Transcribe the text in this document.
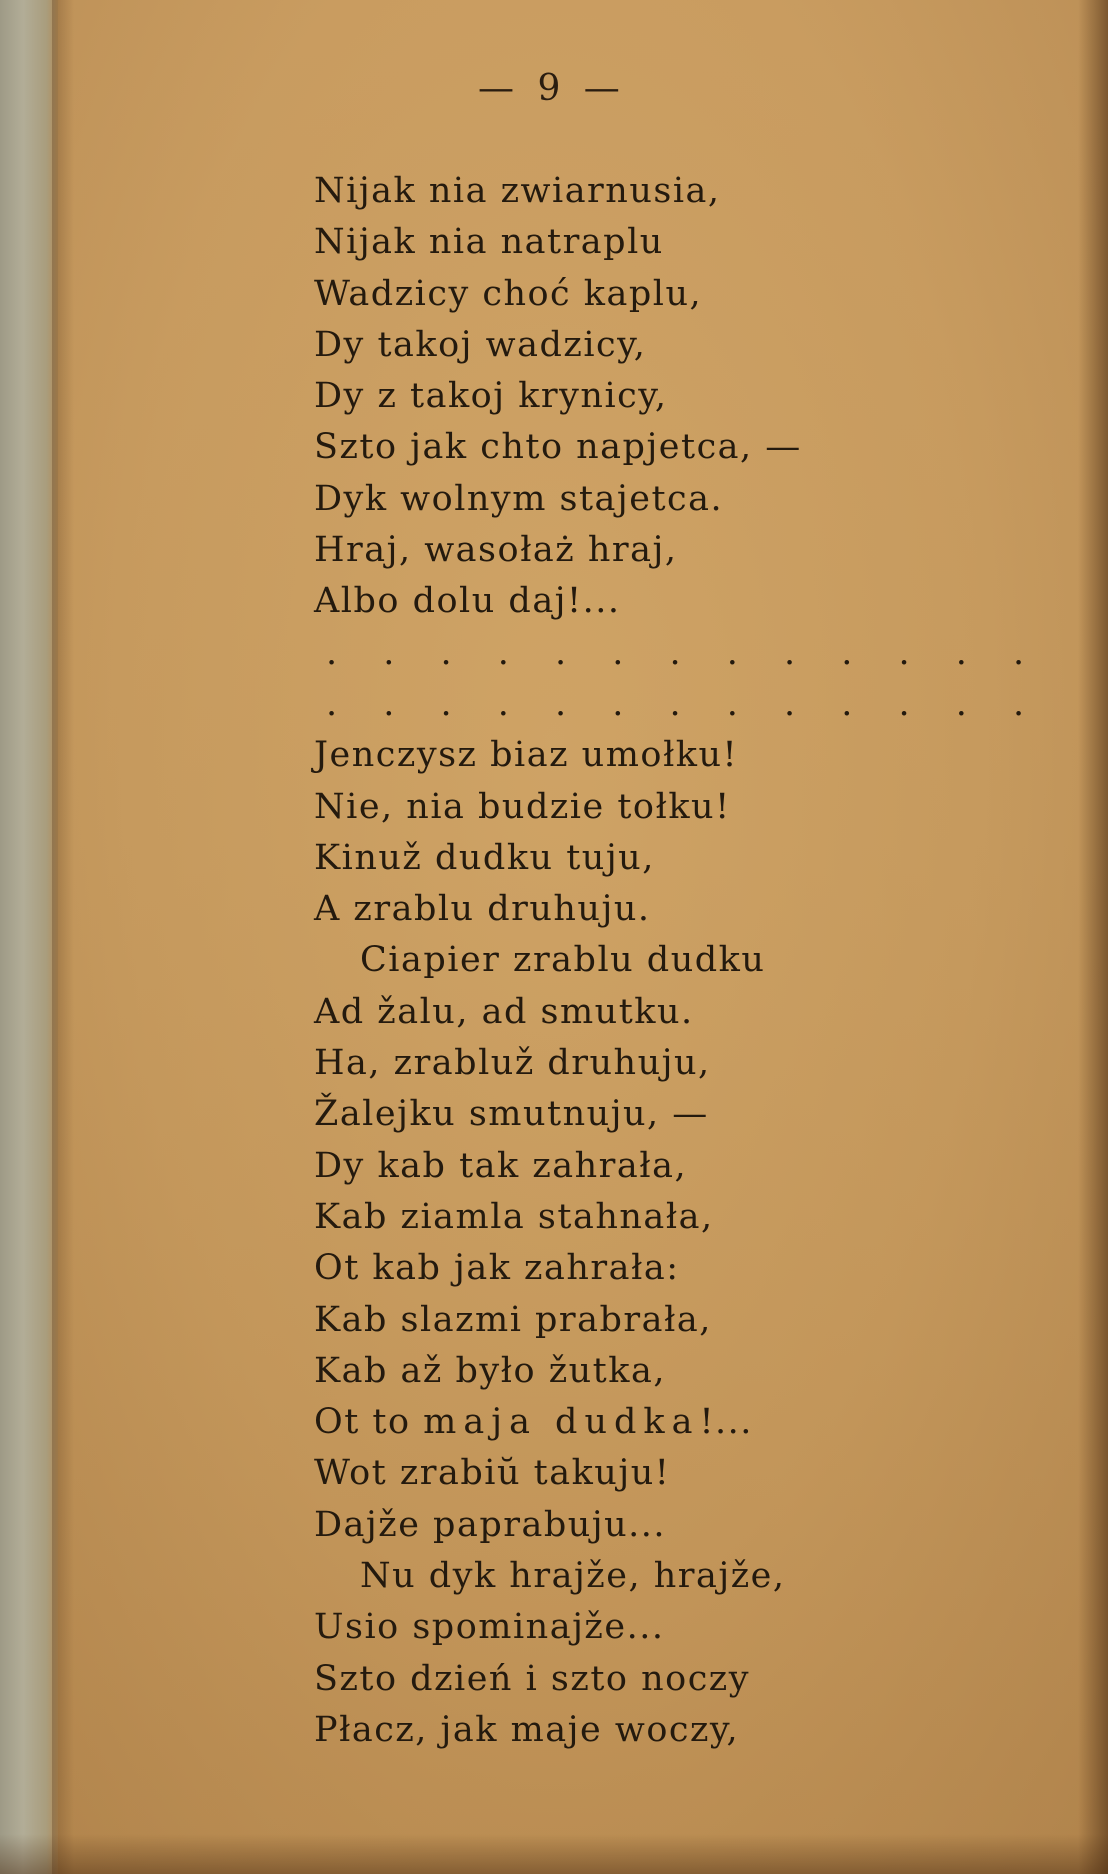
— 9 —
Nijak nia zwiarnusia,
Nijak nia natraplu
Wadzicy choć kaplu,
Dy takoj wadzicy,
Dy z takoj krynicy,
Szto jak chto napjetca, —
Dyk wolnym stajetca.
Hraj, wasołaż hraj,
Albo dolu daj!...
. . . . . . . . . . . . .
. . . . . . . . . . . . .
Jenczysz biaz umołku!
Nie, nia budzie tołku!
Kinuž dudku tuju,
A zrablu druhuju.
Ciapier zrablu dudku
Ad žalu, ad smutku.
Ha, zrabluž druhuju,
Žalejku smutnuju, —
Dy kab tak zahrała,
Kab ziamla stahnała,
Ot kab jak zahrała:
Kab slazmi prabrała,
Kab až było žutka,
Ot to maja dudka!...
Wot zrabiŭ takuju!
Dajže paprabuju...
Nu dyk hrajže, hrajže,
Usio spominajže...
Szto dzień i szto noczy
Płacz, jak maje woczy,
